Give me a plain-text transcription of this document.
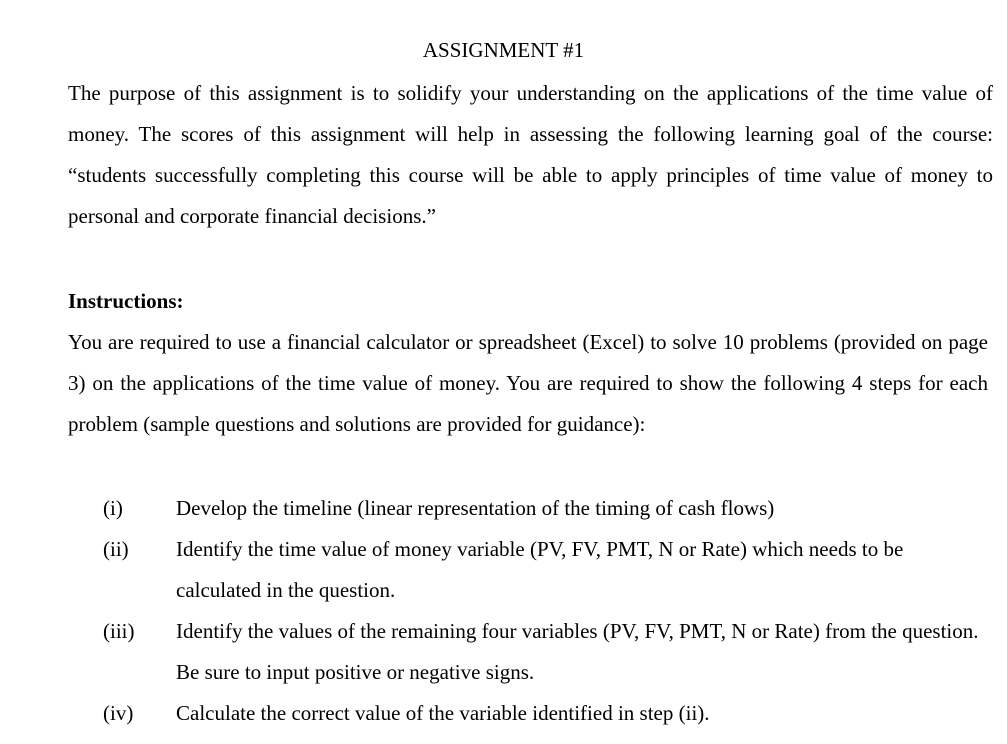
ASSIGNMENT #1
The purpose of this assignment is to solidify your understanding on the applications of the time value of money. The scores of this assignment will help in assessing the following learning goal of the course: “students successfully completing this course will be able to apply principles of time value of money to personal and corporate financial decisions.”
Instructions:
You are required to use a financial calculator or spreadsheet (Excel) to solve 10 problems (provided on page 3) on the applications of the time value of money. You are required to show the following 4 steps for each problem (sample questions and solutions are provided for guidance):
(i)	Develop the timeline (linear representation of the timing of cash flows)
(ii)	Identify the time value of money variable (PV, FV, PMT, N or Rate) which needs to be calculated in the question.
(iii)	Identify the values of the remaining four variables (PV, FV, PMT, N or Rate) from the question. Be sure to input positive or negative signs.
(iv)	Calculate the correct value of the variable identified in step (ii).
